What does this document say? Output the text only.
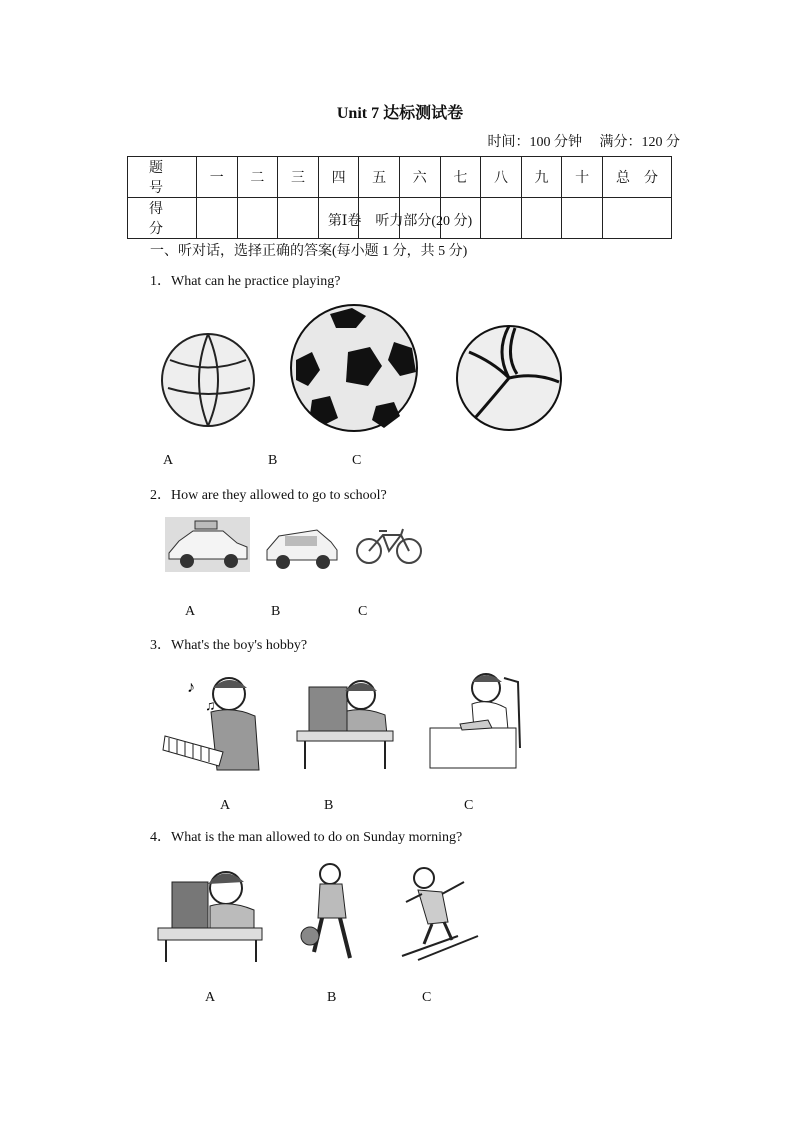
Unit 7 达标测试卷
时间：100 分钟 满分：120 分
题　号	一	二	三	四	五	六	七	八	九	十	总　分
得　分											
第Ⅰ卷　听力部分(20 分)
一、听对话，选择正确的答案(每小题 1 分，共 5 分)
1．What can he practice playing?
A	B	C
2．How are they allowed to go to school?
A	B	C
3．What's the boy's hobby?
♪
♫
A	B	C
4．What is the man allowed to do on Sunday morning?
A	B	C
